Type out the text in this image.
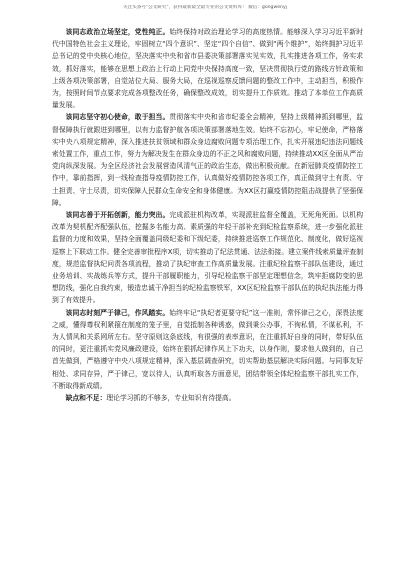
关注头条号"公文研究"，获得最新最全最专业的公文资料库！ 微信：gongwenyj

该同志政治立场坚定，党性纯正。始终保持对政治理论学习的高度热情。能够深入学习习近平新时代中国特色社会主义理论，牢固树立“四个意识”、坚定“四个自信”、做到“两个维护”，始终拥护习近平总书记的党中央核心地位，坚决落实中央和省市县委决策部署落实见实效，扎实推进各项工作，务实求效，抓好落实，能够在思想上政治上行动上同党中央保持高度一致，坚决贯彻执行党的路线方针政策和上级各项决策部署，自觉站位大局、服务大局，在巡视巡察反馈问题的整改工作中，主动担当，积极作为，按照时间节点要求完成各项整改任务，确保整改成效，切实提升工作质效。推动了本单位工作高质量发展。

该同志坚守初心使命，敢于担当。贯彻落实中央和省市纪委全会精神，坚持上级精神抓到哪里，监督保障执行就跟进到哪里，以有力监督护航各项决策部署落地生效。始终不忘初心，牢记使命，严格落实中央八项规定精神，深入推进扶贫领域和群众身边腐败问题专项治理工作，扎实开展违纪违法问题线索处置工作，重点工作，努力为解决发生在群众身边的不正之风和腐败问题，持续推动XX区全面从严治党向纵深发展。为全区经济社会发展营造风清气正的政治生态，做出积极贡献。在新冠肺炎疫情防控工作中，靠前指挥，到一线检查指导疫情防控工作，认真做好疫情防控各项工作，真正做到守土有责、守土担责、守土尽责，切实保障人民群众生命安全和身体健康。为XX区打赢疫情防控阻击战提供了坚强保障。

该同志善于开拓创新，能力突出。完成派驻机构改革，实现派驻监督全覆盖，无死角死面。以机构改革为契机配齐配强队伍，挖掘多名能力高、素质强的年轻干部补充到纪检监察系统，进一步强化派驻监督的力度和效果，坚持全面覆盖同级纪委和下级纪委，持续推进巡察工作规范化、制度化，做好巡视巡察上下联动工作。健全完善审批程序X项，切实推动了纪法贯通、法法衔接。建立案件线索质量评查制度，规范监督执纪问责各项流程，推动了执纪审查工作高质量发展。注重纪检监察干部队伍建设，通过业务培训、实战练兵等方式，提升干部履职能力，引导纪检监察干部坚定理想信念，筑牢拒腐防变的思想防线，强化自我约束，锻造忠诚干净担当的纪检监察铁军，XX区纪检监察干部队伍的执纪执法能力得到了有效提升。

该同志时刻严于律己，作风踏实。始终牢记“执纪者更要守纪”这一准则，常怀律己之心，深畏法度之威，懂得尊权利紧箍在制度的笼子里，自觉抵制各种诱惑，做到秉公办事，不徇私情，不谋私利，不为人情风和关系网所左右。坚守原则这条底线，有很强的表率意识，在注重抓好自身的同时，带好队伍的同时，更注重抓实党风廉政建设，始终在狠抓纪律作风上下功夫，以身作则，要求他人做到的，自己首先做到，严格遵守中央八项规定精神，深入基层调查研究，切实帮助基层解决实际问题。与同事友好相处、求同存异，严于律己，宽以待人，认真听取各方面意见，团结带领全体纪检监察干部扎实工作，不断取得新成绩。

缺点和不足：理论学习抓的不够多，专业知识有待提高。
